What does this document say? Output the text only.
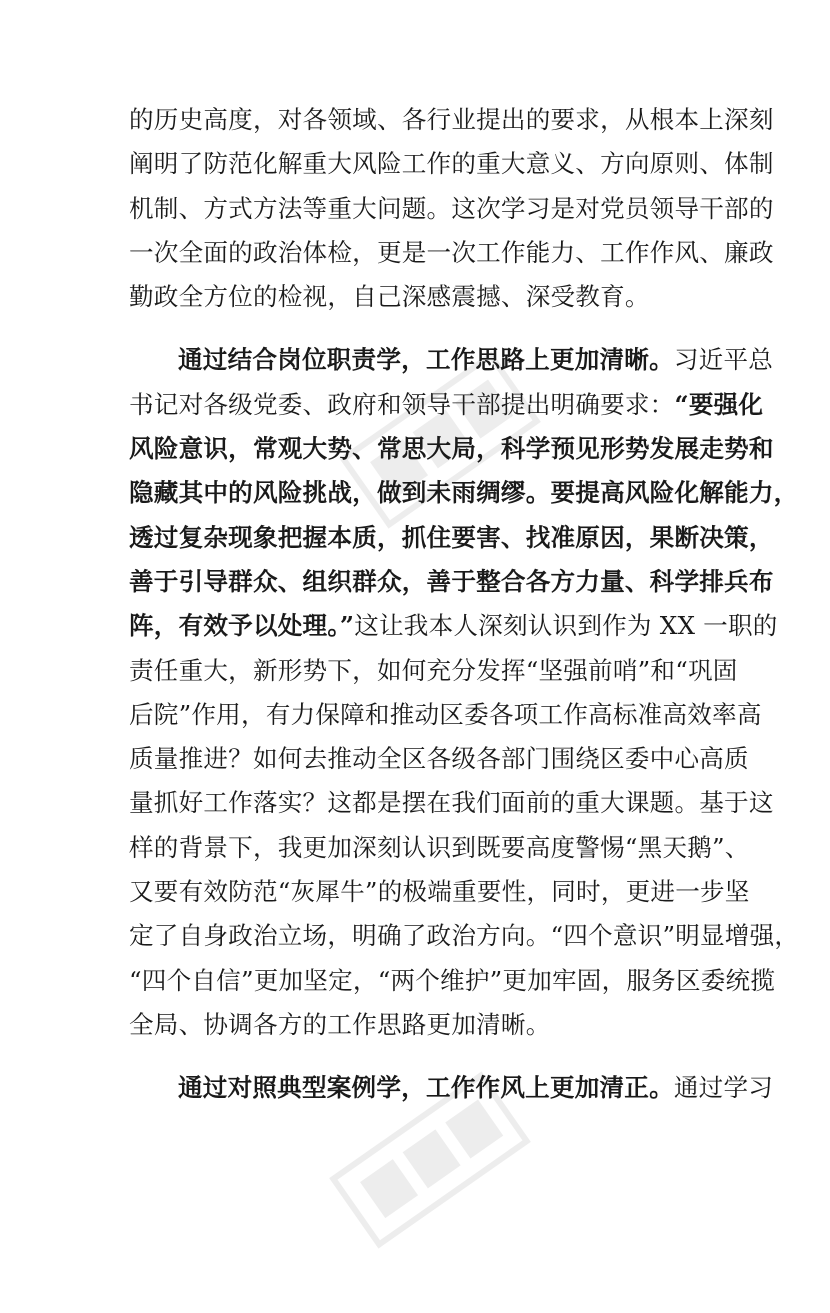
的历史高度，对各领域、各行业提出的要求，从根本上深刻
阐明了防范化解重大风险工作的重大意义、方向原则、体制
机制、方式方法等重大问题。这次学习是对党员领导干部的
一次全面的政治体检，更是一次工作能力、工作作风、廉政
勤政全方位的检视，自己深感震撼、深受教育。
通过结合岗位职责学，工作思路上更加清晰。习近平总
书记对各级党委、政府和领导干部提出明确要求：“要强化
风险意识，常观大势、常思大局，科学预见形势发展走势和
隐藏其中的风险挑战，做到未雨绸缪。要提高风险化解能力，
透过复杂现象把握本质，抓住要害、找准原因，果断决策，
善于引导群众、组织群众，善于整合各方力量、科学排兵布
阵，有效予以处理。”这让我本人深刻认识到作为 XX 一职的
责任重大，新形势下，如何充分发挥“坚强前哨”和“巩固
后院”作用，有力保障和推动区委各项工作高标准高效率高
质量推进？如何去推动全区各级各部门围绕区委中心高质
量抓好工作落实？这都是摆在我们面前的重大课题。基于这
样的背景下，我更加深刻认识到既要高度警惕“黑天鹅”、
又要有效防范“灰犀牛”的极端重要性，同时，更进一步坚
定了自身政治立场，明确了政治方向。“四个意识”明显增强，
“四个自信”更加坚定，“两个维护”更加牢固，服务区委统揽
全局、协调各方的工作思路更加清晰。
通过对照典型案例学，工作作风上更加清正。通过学习
